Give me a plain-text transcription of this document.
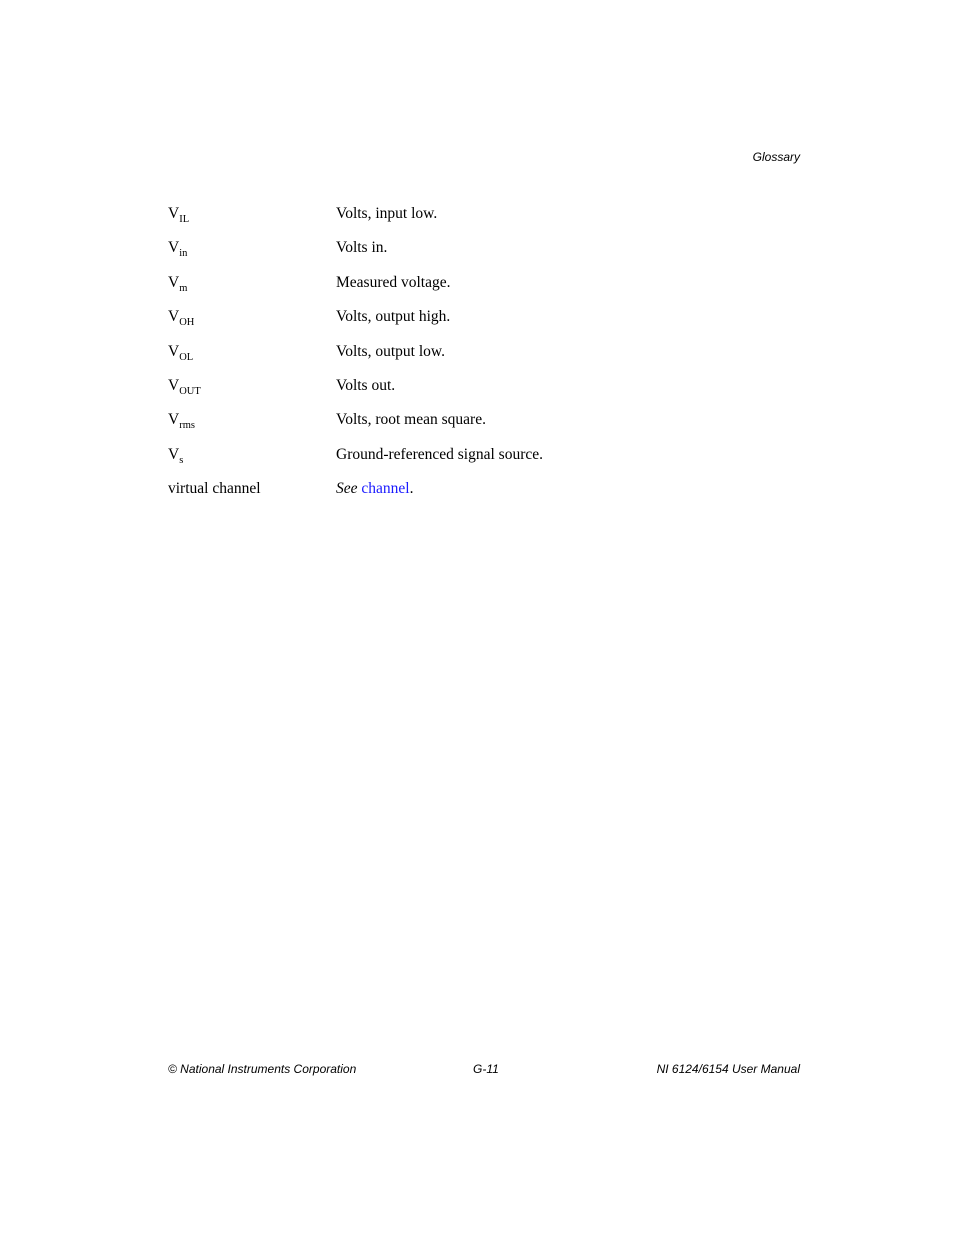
Glossary
$V_{IL}$	Volts, input low.
$V_{in}$	Volts in.
$V_m$	Measured voltage.
$V_{OH}$	Volts, output high.
$V_{OL}$	Volts, output low.
$V_{OUT}$	Volts out.
$V_{rms}$	Volts, root mean square.
$V_s$	Ground-referenced signal source.
virtual channel	See channel.
© National Instruments Corporation	G-11	NI 6124/6154 User Manual
